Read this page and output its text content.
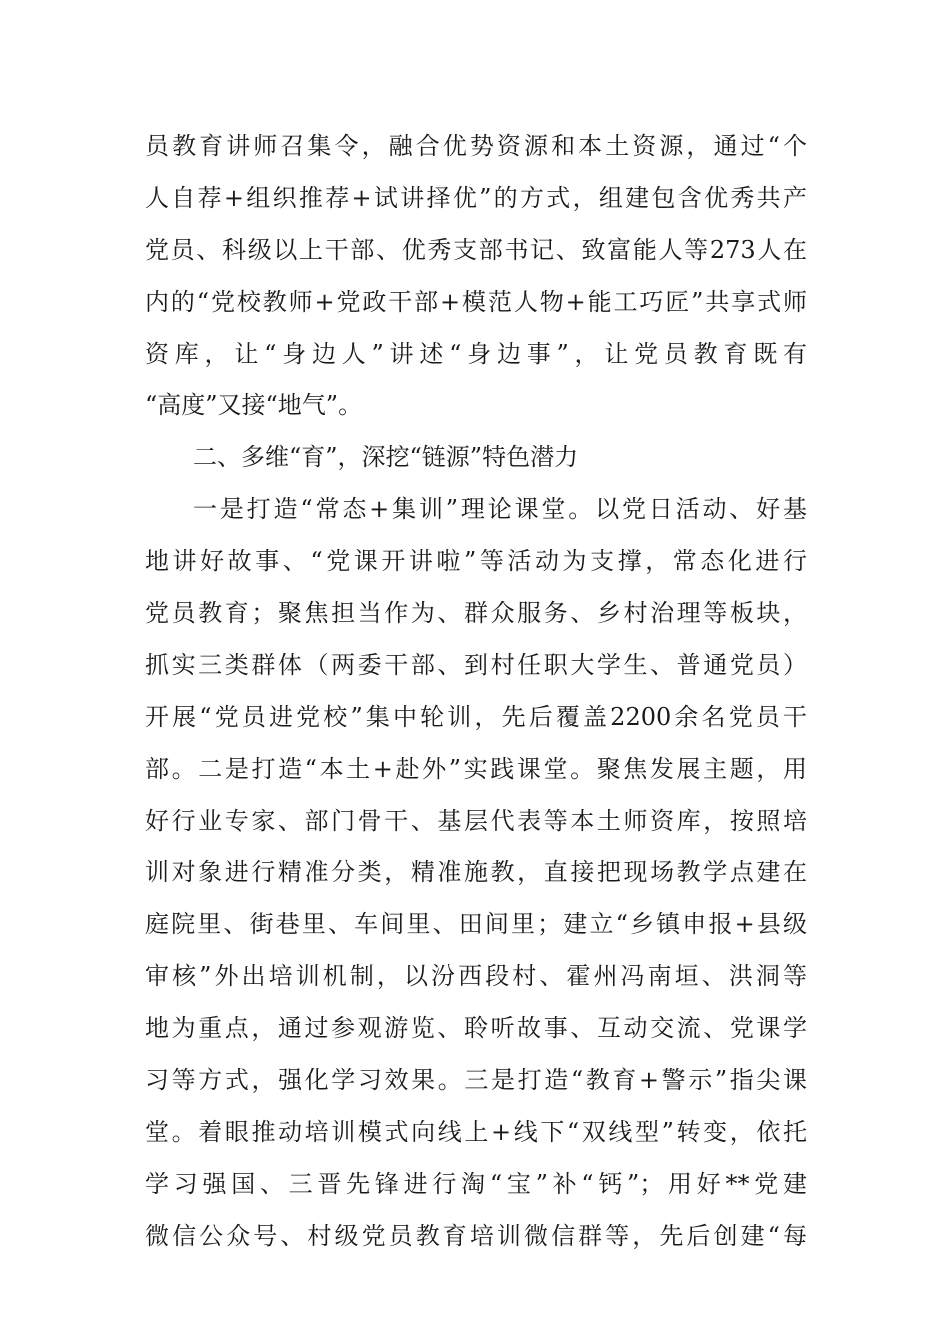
员教育讲师召集令，融合优势资源和本土资源，通过“个
人自荐+组织推荐+试讲择优”的方式，组建包含优秀共产
党员、科级以上干部、优秀支部书记、致富能人等273人在
内的“党校教师+党政干部+模范人物+能工巧匠”共享式师
资库，让“身边人”讲述“身边事”，让党员教育既有
“高度”又接“地气”。
二、多维“育”，深挖“链源”特色潜力
一是打造“常态+集训”理论课堂。以党日活动、好基
地讲好故事、“党课开讲啦”等活动为支撑，常态化进行
党员教育；聚焦担当作为、群众服务、乡村治理等板块，
抓实三类群体（两委干部、到村任职大学生、普通党员）
开展“党员进党校”集中轮训，先后覆盖2200余名党员干
部。二是打造“本土+赴外”实践课堂。聚焦发展主题，用
好行业专家、部门骨干、基层代表等本土师资库，按照培
训对象进行精准分类，精准施教，直接把现场教学点建在
庭院里、街巷里、车间里、田间里；建立“乡镇申报+县级
审核”外出培训机制，以汾西段村、霍州冯南垣、洪洞等
地为重点，通过参观游览、聆听故事、互动交流、党课学
习等方式，强化学习效果。三是打造“教育+警示”指尖课
堂。着眼推动培训模式向线上+线下“双线型”转变，依托
学习强国、三晋先锋进行淘“宝”补“钙”；用好**党建
微信公众号、村级党员教育培训微信群等，先后创建“每
